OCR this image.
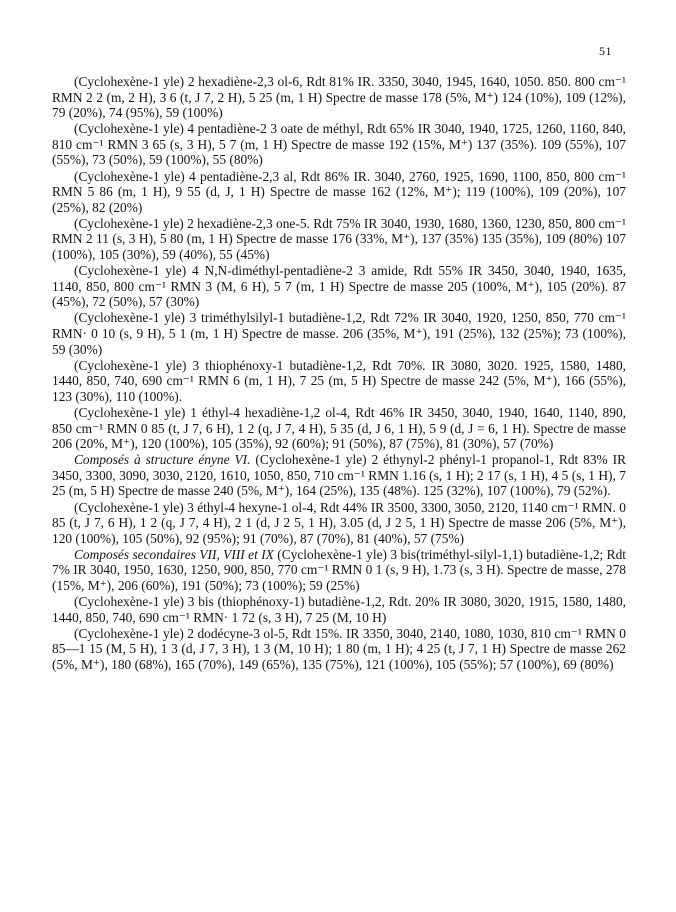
51

(Cyclohexène-1 yle) 2 hexadiène-2,3 ol-6, Rdt 81% IR. 3350, 3040, 1945, 1640, 1050. 850. 800 cm⁻¹ RMN 2 2 (m, 2 H), 3 6 (t, J 7, 2 H), 5 25 (m, 1 H) Spectre de masse 178 (5%, M⁺) 124 (10%), 109 (12%), 79 (20%), 74 (95%), 59 (100%)

(Cyclohexène-1 yle) 4 pentadiène-2 3 oate de méthyl, Rdt 65% IR 3040, 1940, 1725, 1260, 1160, 840, 810 cm⁻¹ RMN 3 65 (s, 3 H), 5 7 (m, 1 H) Spectre de masse 192 (15%, M⁺) 137 (35%). 109 (55%), 107 (55%), 73 (50%), 59 (100%), 55 (80%)

(Cyclohexène-1 yle) 4 pentadiène-2,3 al, Rdt 86% IR. 3040, 2760, 1925, 1690, 1100, 850, 800 cm⁻¹ RMN 5 86 (m, 1 H), 9 55 (d, J, 1 H) Spectre de masse 162 (12%, M⁺); 119 (100%), 109 (20%), 107 (25%), 82 (20%)

(Cyclohexène-1 yle) 2 hexadiène-2,3 one-5. Rdt 75% IR 3040, 1930, 1680, 1360, 1230, 850, 800 cm⁻¹ RMN 2 11 (s, 3 H), 5 80 (m, 1 H) Spectre de masse 176 (33%, M⁺), 137 (35%) 135 (35%), 109 (80%) 107 (100%), 105 (30%), 59 (40%), 55 (45%)

(Cyclohexène-1 yle) 4 N,N-diméthyl-pentadiène-2 3 amide, Rdt 55% IR 3450, 3040, 1940, 1635, 1140, 850, 800 cm⁻¹ RMN 3 (M, 6 H), 5 7 (m, 1 H) Spectre de masse 205 (100%, M⁺), 105 (20%). 87 (45%), 72 (50%), 57 (30%)

(Cyclohexène-1 yle) 3 triméthylsilyl-1 butadiène-1,2, Rdt 72% IR 3040, 1920, 1250, 850, 770 cm⁻¹ RMN· 0 10 (s, 9 H), 5 1 (m, 1 H) Spectre de masse. 206 (35%, M⁺), 191 (25%), 132 (25%); 73 (100%), 59 (30%)

(Cyclohexène-1 yle) 3 thiophénoxy-1 butadiène-1,2, Rdt 70%. IR 3080, 3020. 1925, 1580, 1480, 1440, 850, 740, 690 cm⁻¹ RMN 6 (m, 1 H), 7 25 (m, 5 H) Spectre de masse 242 (5%, M⁺), 166 (55%), 123 (30%), 110 (100%).

(Cyclohexène-1 yle) 1 éthyl-4 hexadiène-1,2 ol-4, Rdt 46% IR 3450, 3040, 1940, 1640, 1140, 890, 850 cm⁻¹ RMN 0 85 (t, J 7, 6 H), 1 2 (q, J 7, 4 H), 5 35 (d, J 6, 1 H), 5 9 (d, J = 6, 1 H). Spectre de masse 206 (20%, M⁺), 120 (100%), 105 (35%), 92 (60%); 91 (50%), 87 (75%), 81 (30%), 57 (70%)

Composés à structure ényne VI. (Cyclohexène-1 yle) 2 éthynyl-2 phényl-1 propanol-1, Rdt 83% IR 3450, 3300, 3090, 3030, 2120, 1610, 1050, 850, 710 cm⁻¹ RMN 1.16 (s, 1 H); 2 17 (s, 1 H), 4 5 (s, 1 H), 7 25 (m, 5 H) Spectre de masse 240 (5%, M⁺), 164 (25%), 135 (48%). 125 (32%), 107 (100%), 79 (52%).

(Cyclohexène-1 yle) 3 éthyl-4 hexyne-1 ol-4, Rdt 44% IR 3500, 3300, 3050, 2120, 1140 cm⁻¹ RMN. 0 85 (t, J 7, 6 H), 1 2 (q, J 7, 4 H), 2 1 (d, J 2 5, 1 H), 3.05 (d, J 2 5, 1 H) Spectre de masse 206 (5%, M⁺), 120 (100%), 105 (50%), 92 (95%); 91 (70%), 87 (70%), 81 (40%), 57 (75%)

Composés secondaires VII, VIII et IX (Cyclohexène-1 yle) 3 bis(triméthyl-silyl-1,1) butadiène-1,2; Rdt 7% IR 3040, 1950, 1630, 1250, 900, 850, 770 cm⁻¹ RMN 0 1 (s, 9 H), 1.73 (s, 3 H). Spectre de masse, 278 (15%, M⁺), 206 (60%), 191 (50%); 73 (100%); 59 (25%)

(Cyclohexène-1 yle) 3 bis (thiophénoxy-1) butadiène-1,2, Rdt. 20% IR 3080, 3020, 1915, 1580, 1480, 1440, 850, 740, 690 cm⁻¹ RMN· 1 72 (s, 3 H), 7 25 (M, 10 H)

(Cyclohexène-1 yle) 2 dodécyne-3 ol-5, Rdt 15%. IR 3350, 3040, 2140, 1080, 1030, 810 cm⁻¹ RMN 0 85—1 15 (M, 5 H), 1 3 (d, J 7, 3 H), 1 3 (M, 10 H); 1 80 (m, 1 H); 4 25 (t, J 7, 1 H) Spectre de masse 262 (5%, M⁺), 180 (68%), 165 (70%), 149 (65%), 135 (75%), 121 (100%), 105 (55%); 57 (100%), 69 (80%)
